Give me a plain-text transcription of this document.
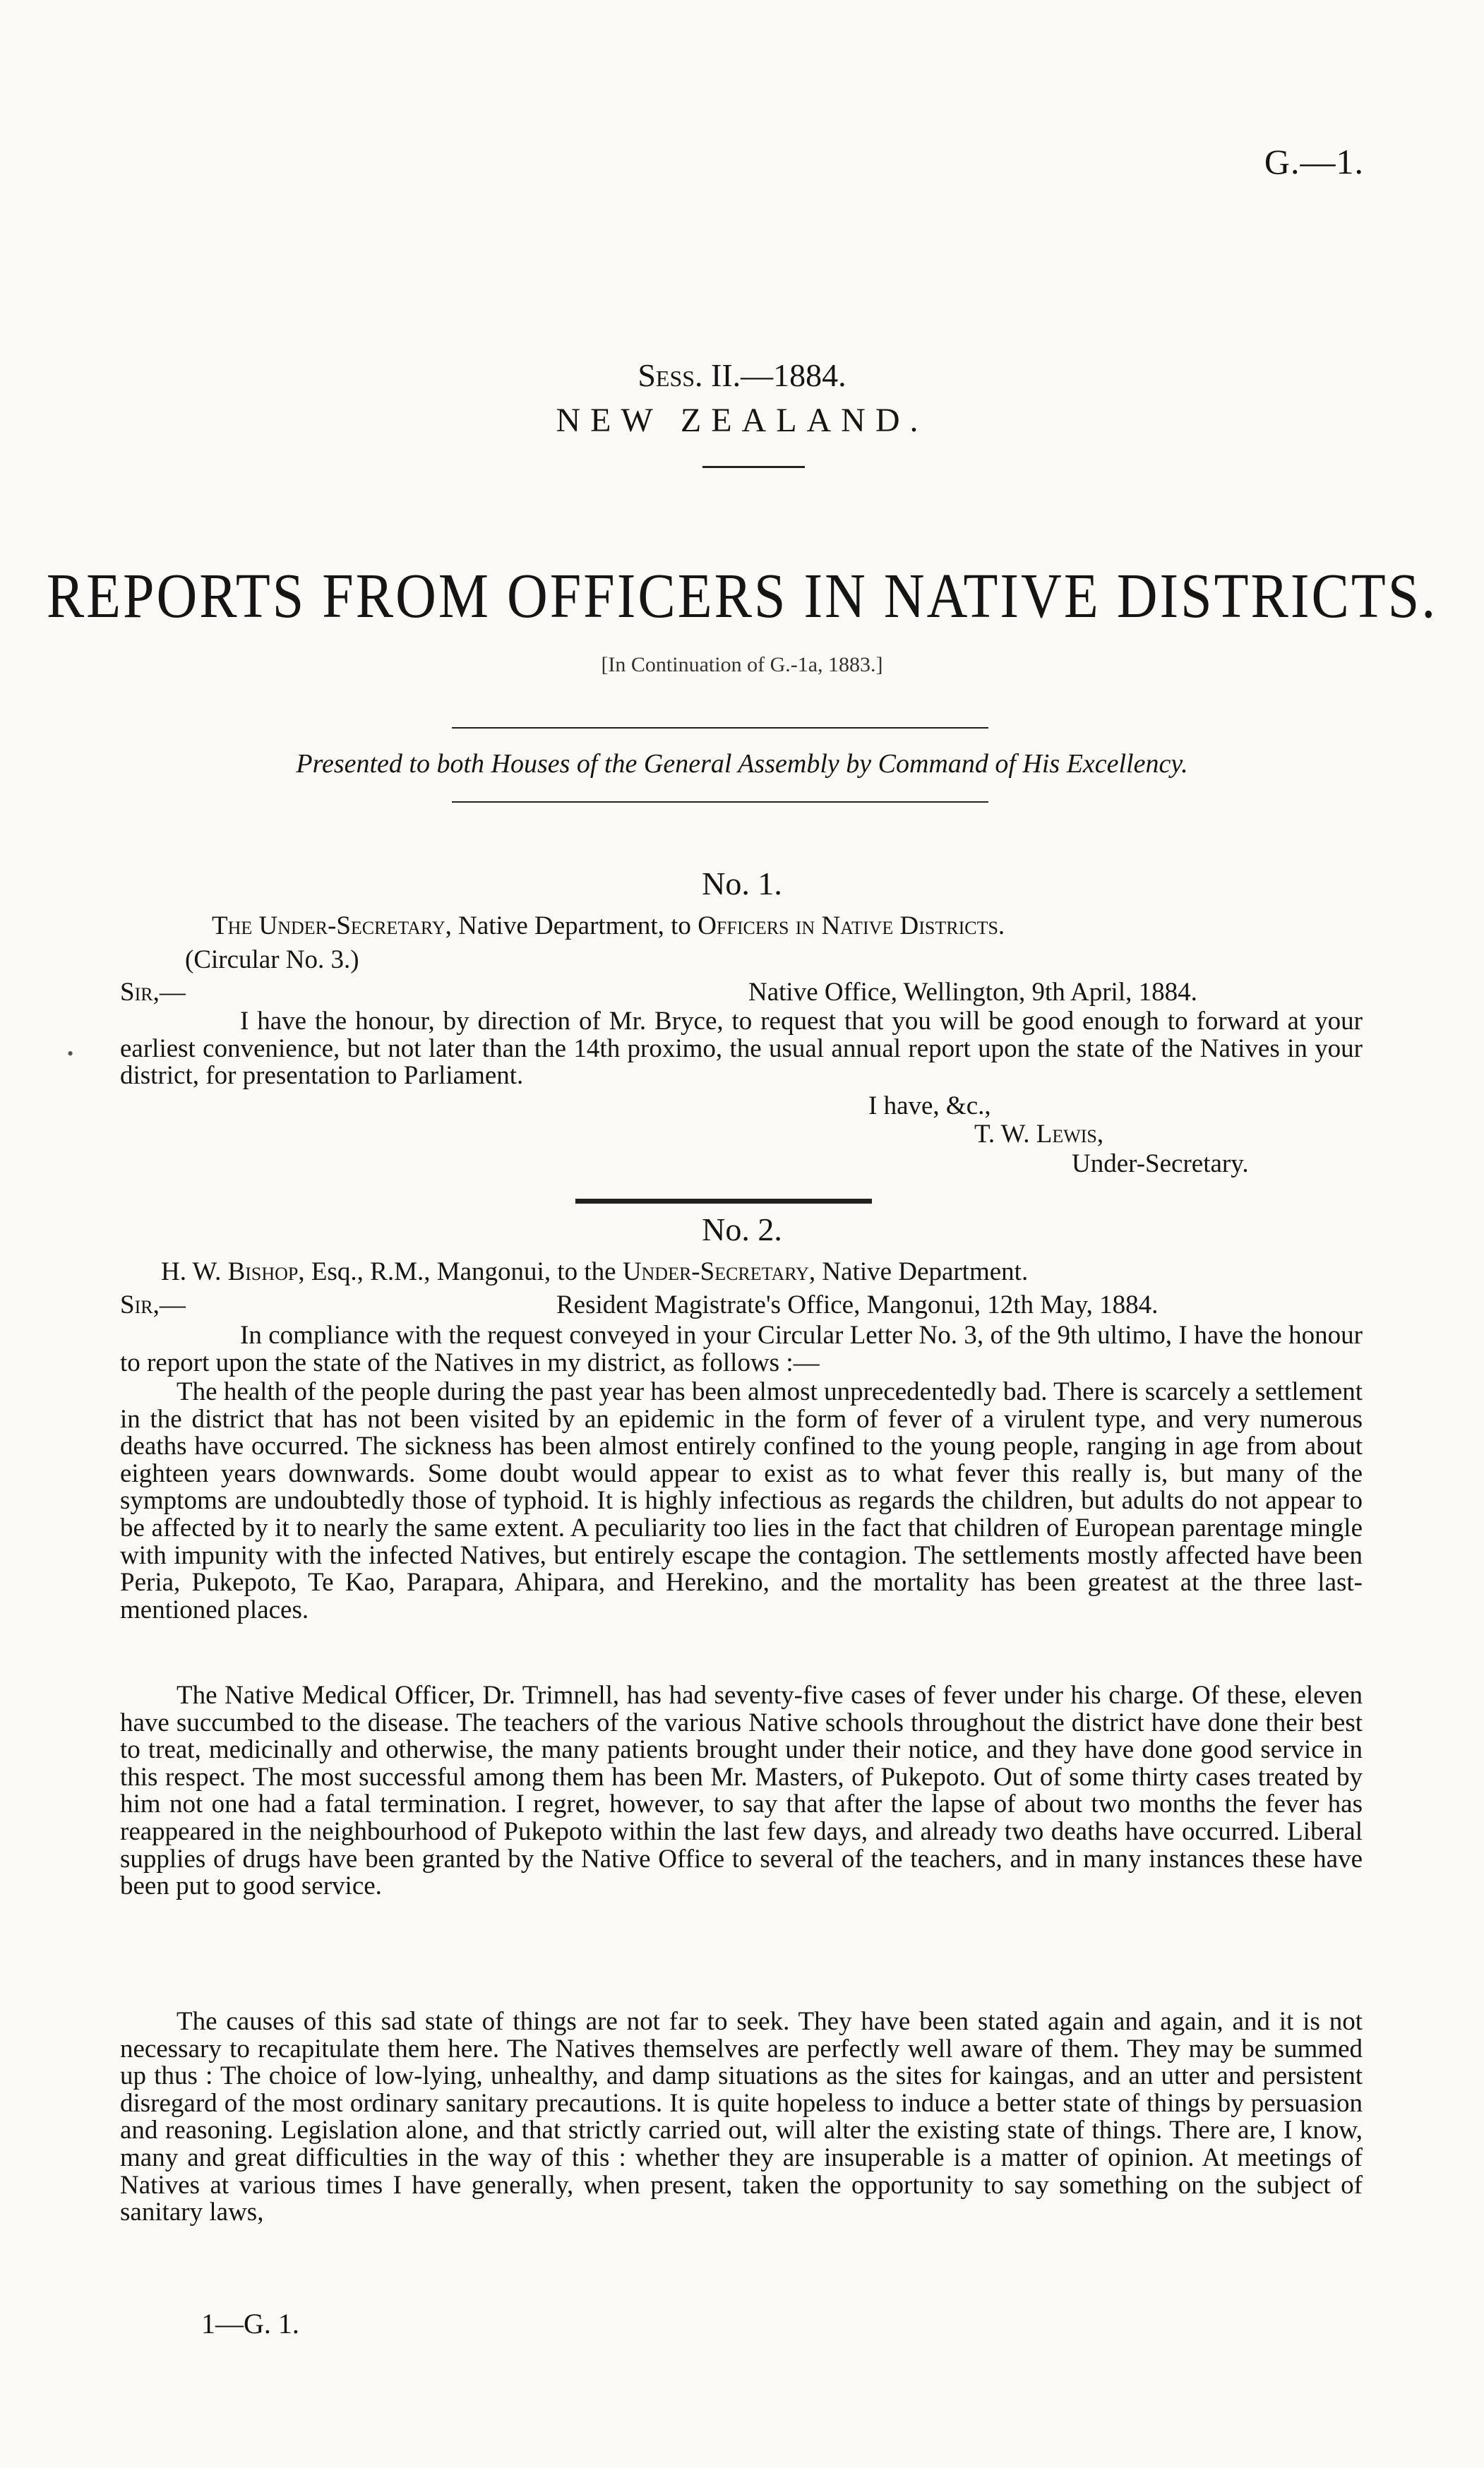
G.—1.
Sess. II.—1884.
NEW ZEALAND.
REPORTS FROM OFFICERS IN NATIVE DISTRICTS.
[In Continuation of G.-1a, 1883.]
Presented to both Houses of the General Assembly by Command of His Excellency.
No. 1.
The Under-Secretary, Native Department, to Officers in Native Districts.
(Circular No. 3.)
Sir,—	Native Office, Wellington, 9th April, 1884.
I have the honour, by direction of Mr. Bryce, to request that you will be good enough to forward at your earliest convenience, but not later than the 14th proximo, the usual annual report upon the state of the Natives in your district, for presentation to Parliament.
I have, &c.,
T. W. Lewis,
Under-Secretary.
No. 2.
H. W. Bishop, Esq., R.M., Mangonui, to the Under-Secretary, Native Department.
Sir,—	Resident Magistrate's Office, Mangonui, 12th May, 1884.
In compliance with the request conveyed in your Circular Letter No. 3, of the 9th ultimo, I have the honour to report upon the state of the Natives in my district, as follows :—
The health of the people during the past year has been almost unprecedentedly bad. There is scarcely a settlement in the district that has not been visited by an epidemic in the form of fever of a virulent type, and very numerous deaths have occurred. The sickness has been almost entirely confined to the young people, ranging in age from about eighteen years downwards. Some doubt would appear to exist as to what fever this really is, but many of the symptoms are undoubtedly those of typhoid. It is highly infectious as regards the children, but adults do not appear to be affected by it to nearly the same extent. A peculiarity too lies in the fact that children of European parentage mingle with impunity with the infected Natives, but entirely escape the contagion. The settlements mostly affected have been Peria, Pukepoto, Te Kao, Parapara, Ahipara, and Herekino, and the mortality has been greatest at the three last-mentioned places.
The Native Medical Officer, Dr. Trimnell, has had seventy-five cases of fever under his charge. Of these, eleven have succumbed to the disease. The teachers of the various Native schools throughout the district have done their best to treat, medicinally and otherwise, the many patients brought under their notice, and they have done good service in this respect. The most successful among them has been Mr. Masters, of Pukepoto. Out of some thirty cases treated by him not one had a fatal termination. I regret, however, to say that after the lapse of about two months the fever has reappeared in the neighbourhood of Pukepoto within the last few days, and already two deaths have occurred. Liberal supplies of drugs have been granted by the Native Office to several of the teachers, and in many instances these have been put to good service.
The causes of this sad state of things are not far to seek. They have been stated again and again, and it is not necessary to recapitulate them here. The Natives themselves are perfectly well aware of them. They may be summed up thus : The choice of low-lying, unhealthy, and damp situations as the sites for kaingas, and an utter and persistent disregard of the most ordinary sanitary precautions. It is quite hopeless to induce a better state of things by persuasion and reasoning. Legislation alone, and that strictly carried out, will alter the existing state of things. There are, I know, many and great difficulties in the way of this : whether they are insuperable is a matter of opinion. At meetings of Natives at various times I have generally, when present, taken the opportunity to say something on the subject of sanitary laws,
1—G. 1.
•
